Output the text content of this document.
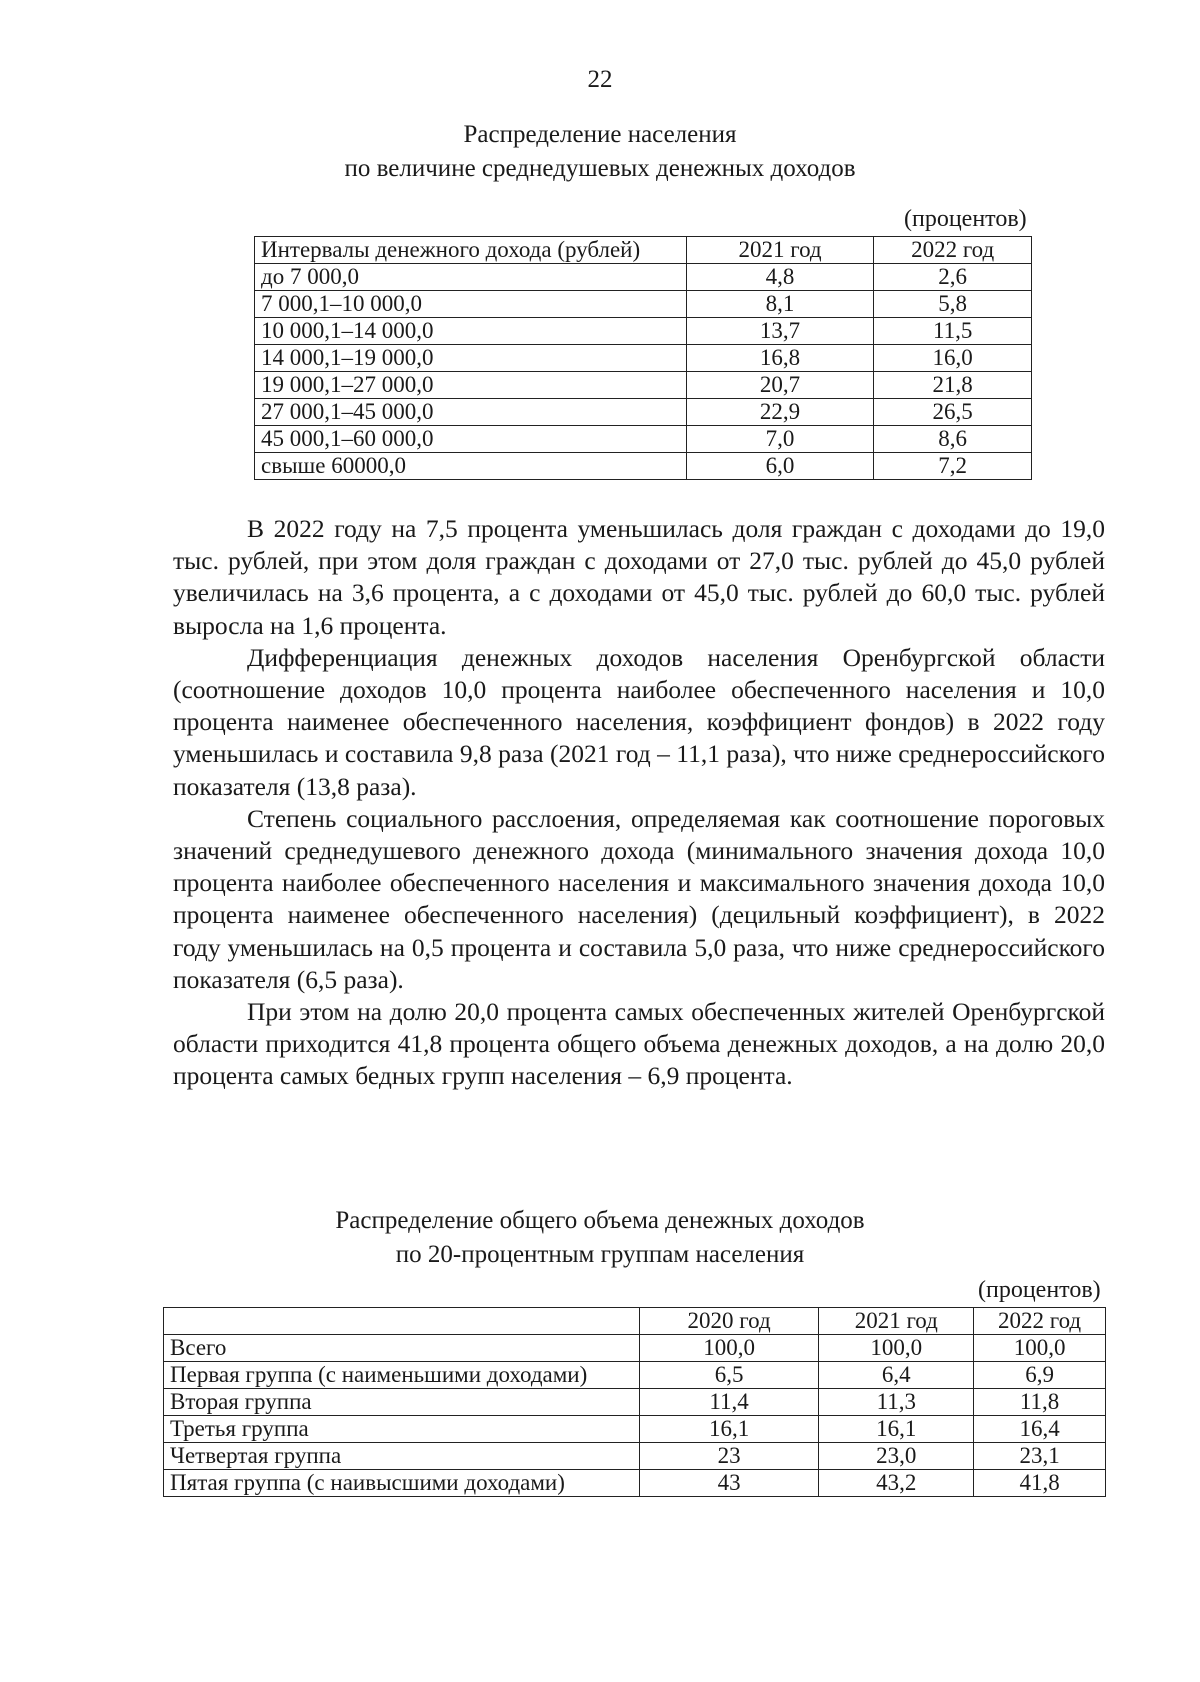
22
Распределение населения
по величине среднедушевых денежных доходов
(процентов)
Интервалы денежного дохода (рублей)	2021 год	2022 год
до 7 000,0	4,8	2,6
7 000,1–10 000,0	8,1	5,8
10 000,1–14 000,0	13,7	11,5
14 000,1–19 000,0	16,8	16,0
19 000,1–27 000,0	20,7	21,8
27 000,1–45 000,0	22,9	26,5
45 000,1–60 000,0	7,0	8,6
свыше 60000,0	6,0	7,2

В 2022 году на 7,5 процента уменьшилась доля граждан с доходами до 19,0 тыс. рублей, при этом доля граждан с доходами от 27,0 тыс. рублей до 45,0 рублей увеличилась на 3,6 процента, а с доходами от 45,0 тыс. рублей до 60,0 тыс. рублей выросла на 1,6 процента.

Дифференциация денежных доходов населения Оренбургской области (соотношение доходов 10,0 процента наиболее обеспеченного населения и 10,0 процента наименее обеспеченного населения, коэффициент фондов) в 2022 году уменьшилась и составила 9,8 раза (2021 год – 11,1 раза), что ниже среднероссийского показателя (13,8 раза).

Степень социального расслоения, определяемая как соотношение пороговых значений среднедушевого денежного дохода (минимального значения дохода 10,0 процента наиболее обеспеченного населения и максимального значения дохода 10,0 процента наименее обеспеченного населения) (децильный коэффициент), в 2022 году уменьшилась на 0,5 процента и составила 5,0 раза, что ниже среднероссийского показателя (6,5 раза).

При этом на долю 20,0 процента самых обеспеченных жителей Оренбургской области приходится 41,8 процента общего объема денежных доходов, а на долю 20,0 процента самых бедных групп населения – 6,9 процента.

Распределение общего объема денежных доходов
по 20-процентным группам населения
(процентов)
	2020 год	2021 год	2022 год
Всего	100,0	100,0	100,0
Первая группа (с наименьшими доходами)	6,5	6,4	6,9
Вторая группа	11,4	11,3	11,8
Третья группа	16,1	16,1	16,4
Четвертая группа	23	23,0	23,1
Пятая группа (с наивысшими доходами)	43	43,2	41,8
